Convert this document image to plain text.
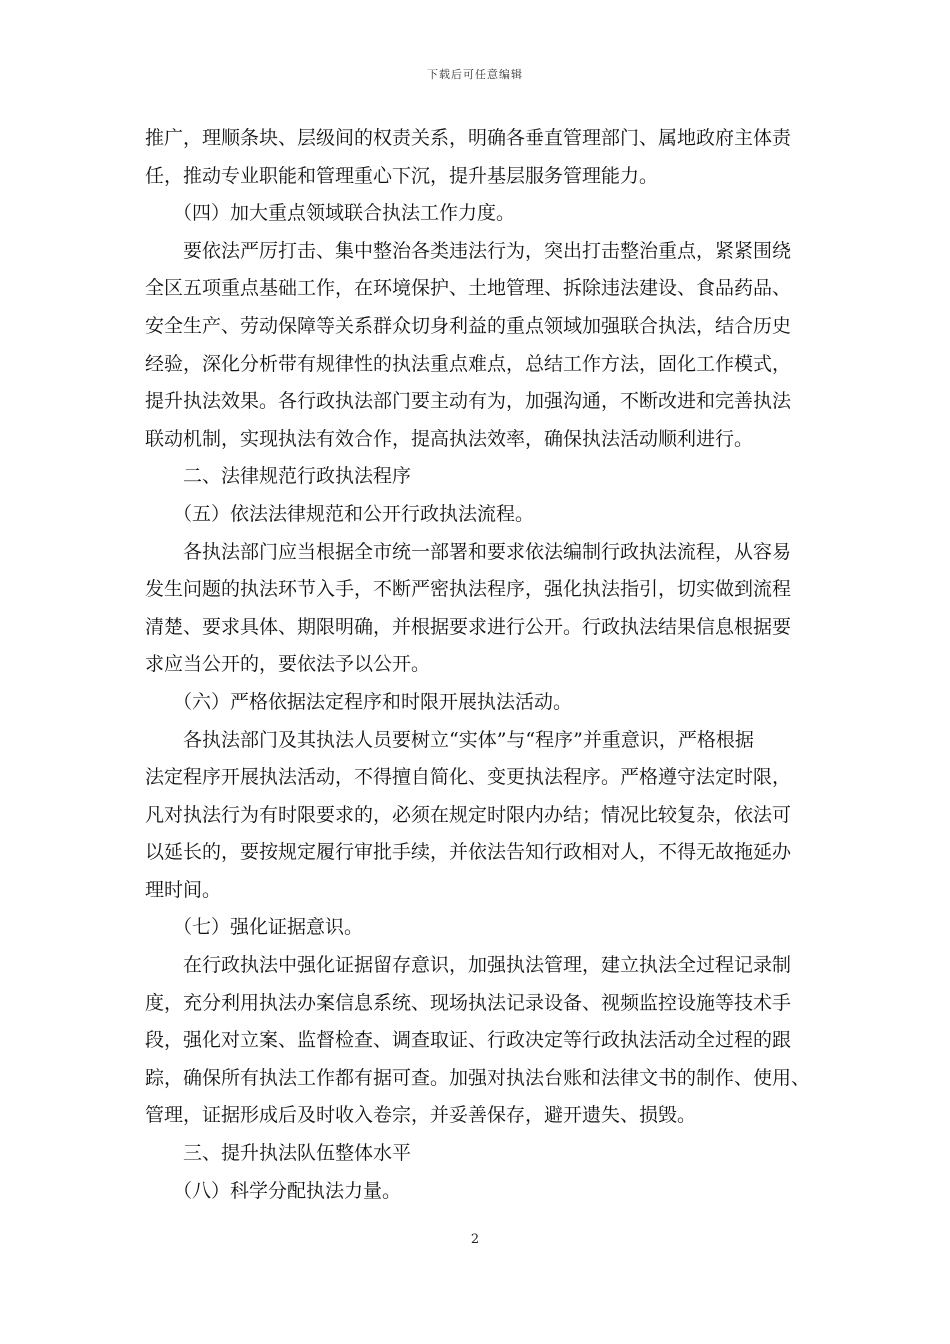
下载后可任意编辑
推广，理顺条块、层级间的权责关系，明确各垂直管理部门、属地政府主体责
任，推动专业职能和管理重心下沉，提升基层服务管理能力。
（四）加大重点领域联合执法工作力度。
要依法严厉打击、集中整治各类违法行为，突出打击整治重点，紧紧围绕
全区五项重点基础工作，在环境保护、土地管理、拆除违法建设、食品药品、
安全生产、劳动保障等关系群众切身利益的重点领域加强联合执法，结合历史
经验，深化分析带有规律性的执法重点难点，总结工作方法，固化工作模式，
提升执法效果。各行政执法部门要主动有为，加强沟通，不断改进和完善执法
联动机制，实现执法有效合作，提高执法效率，确保执法活动顺利进行。
二、法律规范行政执法程序
（五）依法法律规范和公开行政执法流程。
各执法部门应当根据全市统一部署和要求依法编制行政执法流程，从容易
发生问题的执法环节入手，不断严密执法程序，强化执法指引，切实做到流程
清楚、要求具体、期限明确，并根据要求进行公开。行政执法结果信息根据要
求应当公开的，要依法予以公开。
（六）严格依据法定程序和时限开展执法活动。
各执法部门及其执法人员要树立“实体”与“程序”并重意识，严格根据
法定程序开展执法活动，不得擅自简化、变更执法程序。严格遵守法定时限，
凡对执法行为有时限要求的，必须在规定时限内办结；情况比较复杂，依法可
以延长的，要按规定履行审批手续，并依法告知行政相对人，不得无故拖延办
理时间。
（七）强化证据意识。
在行政执法中强化证据留存意识，加强执法管理，建立执法全过程记录制
度，充分利用执法办案信息系统、现场执法记录设备、视频监控设施等技术手
段，强化对立案、监督检查、调查取证、行政决定等行政执法活动全过程的跟
踪，确保所有执法工作都有据可查。加强对执法台账和法律文书的制作、使用、
管理，证据形成后及时收入卷宗，并妥善保存，避开遗失、损毁。
三、提升执法队伍整体水平
（八）科学分配执法力量。
2
